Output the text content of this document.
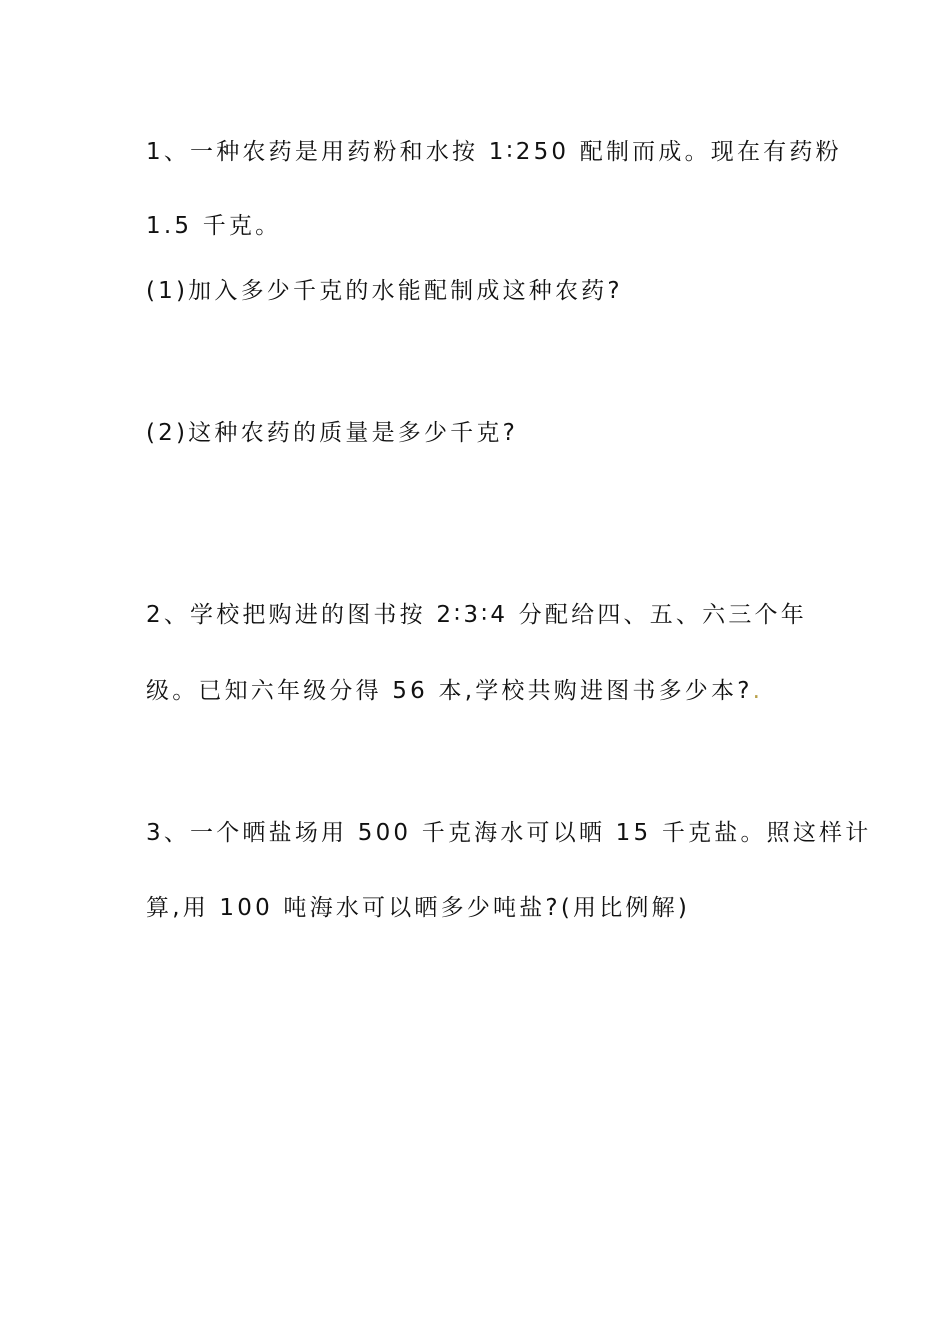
1、一种农药是用药粉和水按 1∶250 配制而成。现在有药粉
1.5 千克。
(1)加入多少千克的水能配制成这种农药?
(2)这种农药的质量是多少千克?
2、学校把购进的图书按 2∶3∶4 分配给四、五、六三个年
级。已知六年级分得 56 本,学校共购进图书多少本?.
3、一个晒盐场用 500 千克海水可以晒 15 千克盐。照这样计
算,用 100 吨海水可以晒多少吨盐?(用比例解)
